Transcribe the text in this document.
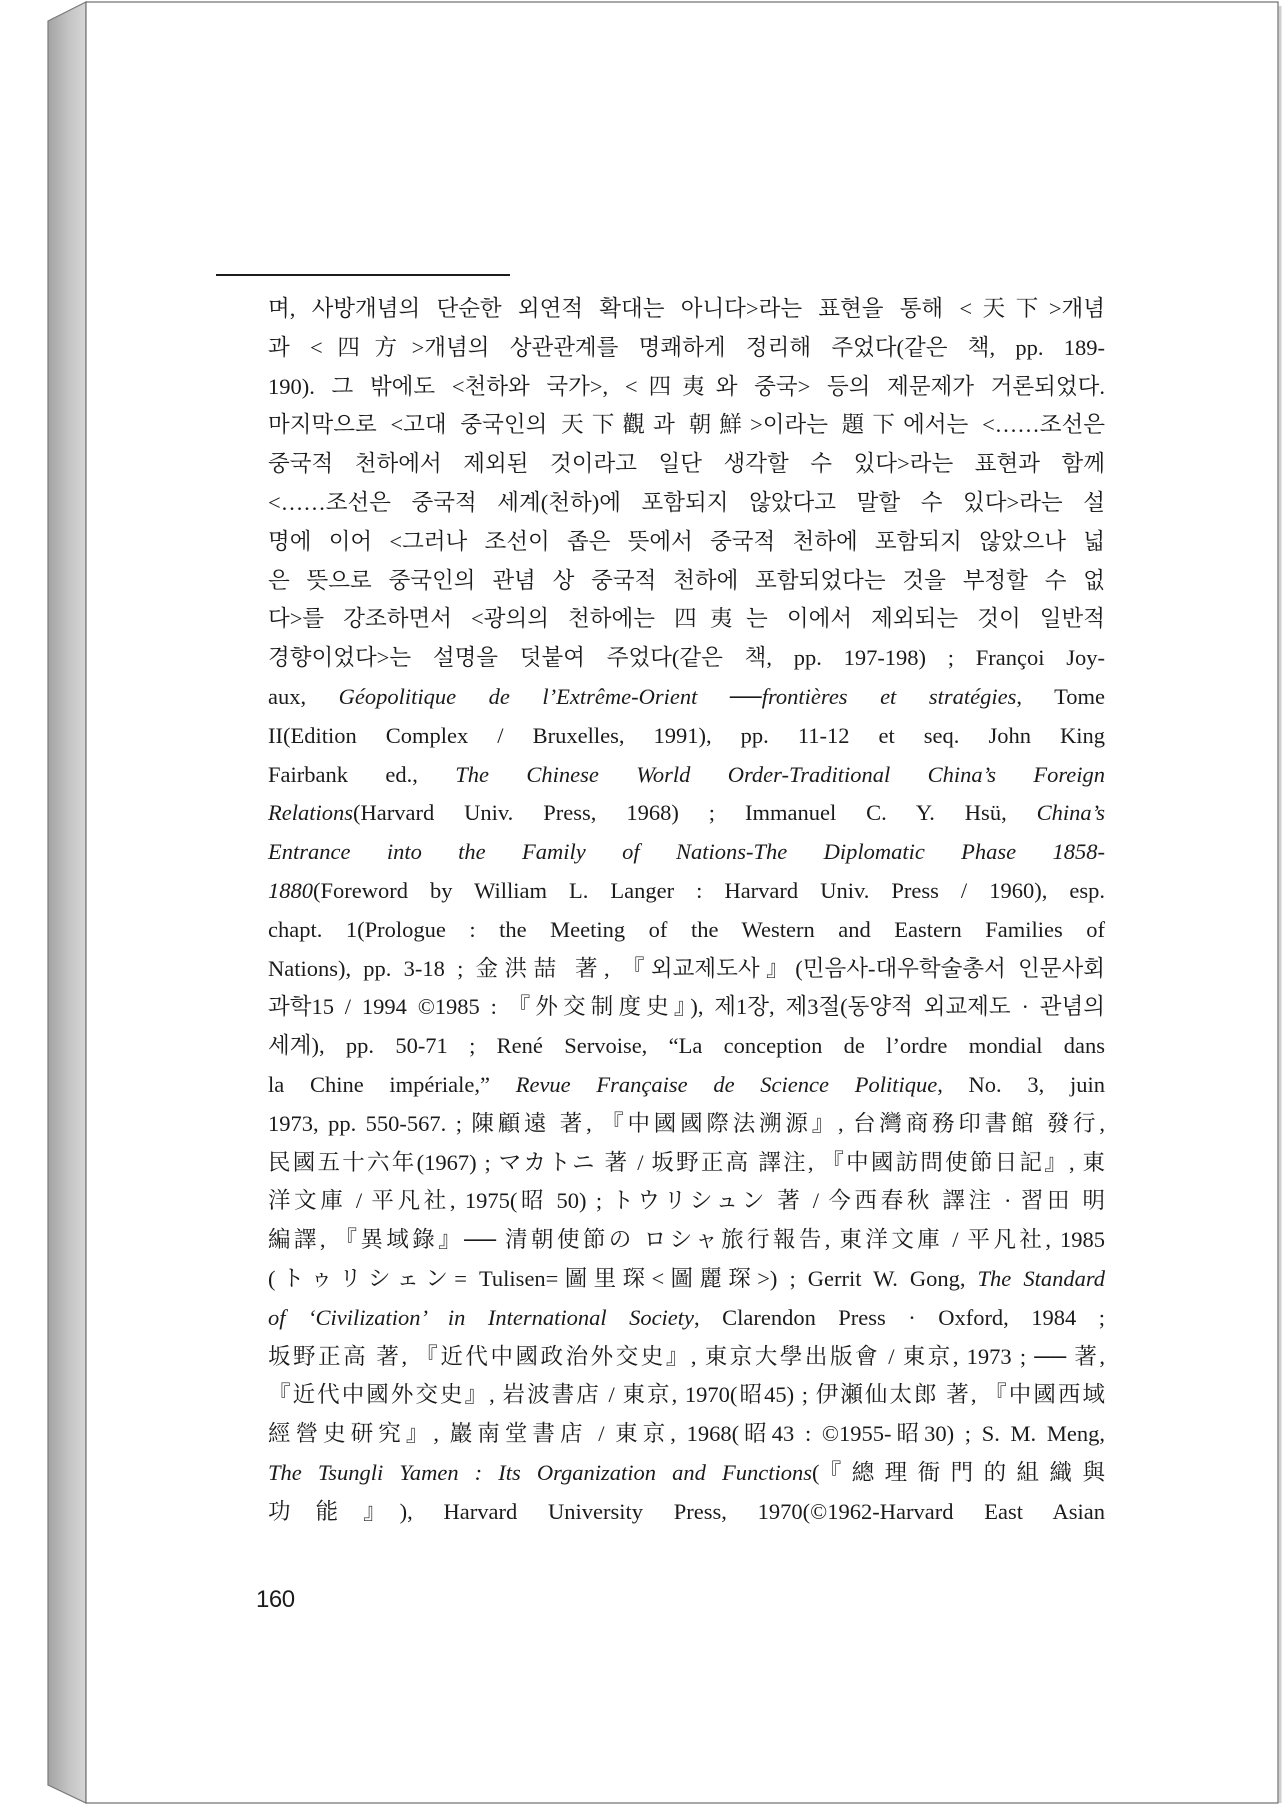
며, 사방개념의 단순한 외연적 확대는 아니다>라는 표현을 통해 <天下>개념
과 <四方>개념의 상관관계를 명쾌하게 정리해 주었다(같은 책, pp. 189-
190). 그 밖에도 <천하와 국가>, <四夷와 중국> 등의 제문제가 거론되었다.
마지막으로 <고대 중국인의 天下觀과 朝鮮>이라는 題下에서는 <……조선은
중국적 천하에서 제외된 것이라고 일단 생각할 수 있다>라는 표현과 함께
<……조선은 중국적 세계(천하)에 포함되지 않았다고 말할 수 있다>라는 설
명에 이어 <그러나 조선이 좁은 뜻에서 중국적 천하에 포함되지 않았으나 넓
은 뜻으로 중국인의 관념 상 중국적 천하에 포함되었다는 것을 부정할 수 없
다>를 강조하면서 <광의의 천하에는 四夷는 이에서 제외되는 것이 일반적
경향이었다>는 설명을 덧붙여 주었다(같은 책, pp. 197-198) ; Françoi Joy-
aux, Géopolitique de l’Extrême-Orient ──frontières et stratégies, Tome
II(Edition Complex / Bruxelles, 1991), pp. 11-12 et seq. John King
Fairbank ed., The Chinese World Order-Traditional China’s Foreign
Relations(Harvard Univ. Press, 1968) ; Immanuel C. Y. Hsü, China’s
Entrance into the Family of Nations-The Diplomatic Phase 1858-
1880(Foreword by William L. Langer : Harvard Univ. Press / 1960), esp.
chapt. 1(Prologue : the Meeting of the Western and Eastern Families of
Nations), pp. 3-18 ; 金洪喆 著, 『외교제도사』(민음사-대우학술총서 인문사회
과학15 / 1994 ©1985 : 『外交制度史』), 제1장, 제3절(동양적 외교제도 · 관념의
세계), pp. 50-71 ; René Servoise, “La conception de l’ordre mondial dans
la Chine impériale,” Revue Française de Science Politique, No. 3, juin
1973, pp. 550-567. ; 陳顧遠 著, 『中國國際法溯源』, 台灣商務印書館 發行,
民國五十六年(1967) ; マカトニ 著 / 坂野正高 譯注, 『中國訪問使節日記』, 東
洋文庫 / 平凡社, 1975(昭 50) ; トウリシュン 著 / 今西春秋 譯注 · 習田 明
編譯, 『異域錄』── 清朝使節の ロシャ旅行報告, 東洋文庫 / 平凡社, 1985
(トゥリシェン= Tulisen=圖里琛<圖麗琛>) ; Gerrit W. Gong, The Standard
of ‘Civilization’ in International Society, Clarendon Press · Oxford, 1984 ;
坂野正高 著, 『近代中國政治外交史』, 東京大學出版會 / 東京, 1973 ; ── 著,
『近代中國外交史』, 岩波書店 / 東京, 1970(昭45) ; 伊瀬仙太郎 著, 『中國西域
經營史研究』, 巖南堂書店 / 東京, 1968(昭43 : ©1955-昭30) ; S. M. Meng,
The Tsungli Yamen : Its Organization and Functions(『總理衙門的組織與
功能』), Harvard University Press, 1970(©1962-Harvard East Asian
160
